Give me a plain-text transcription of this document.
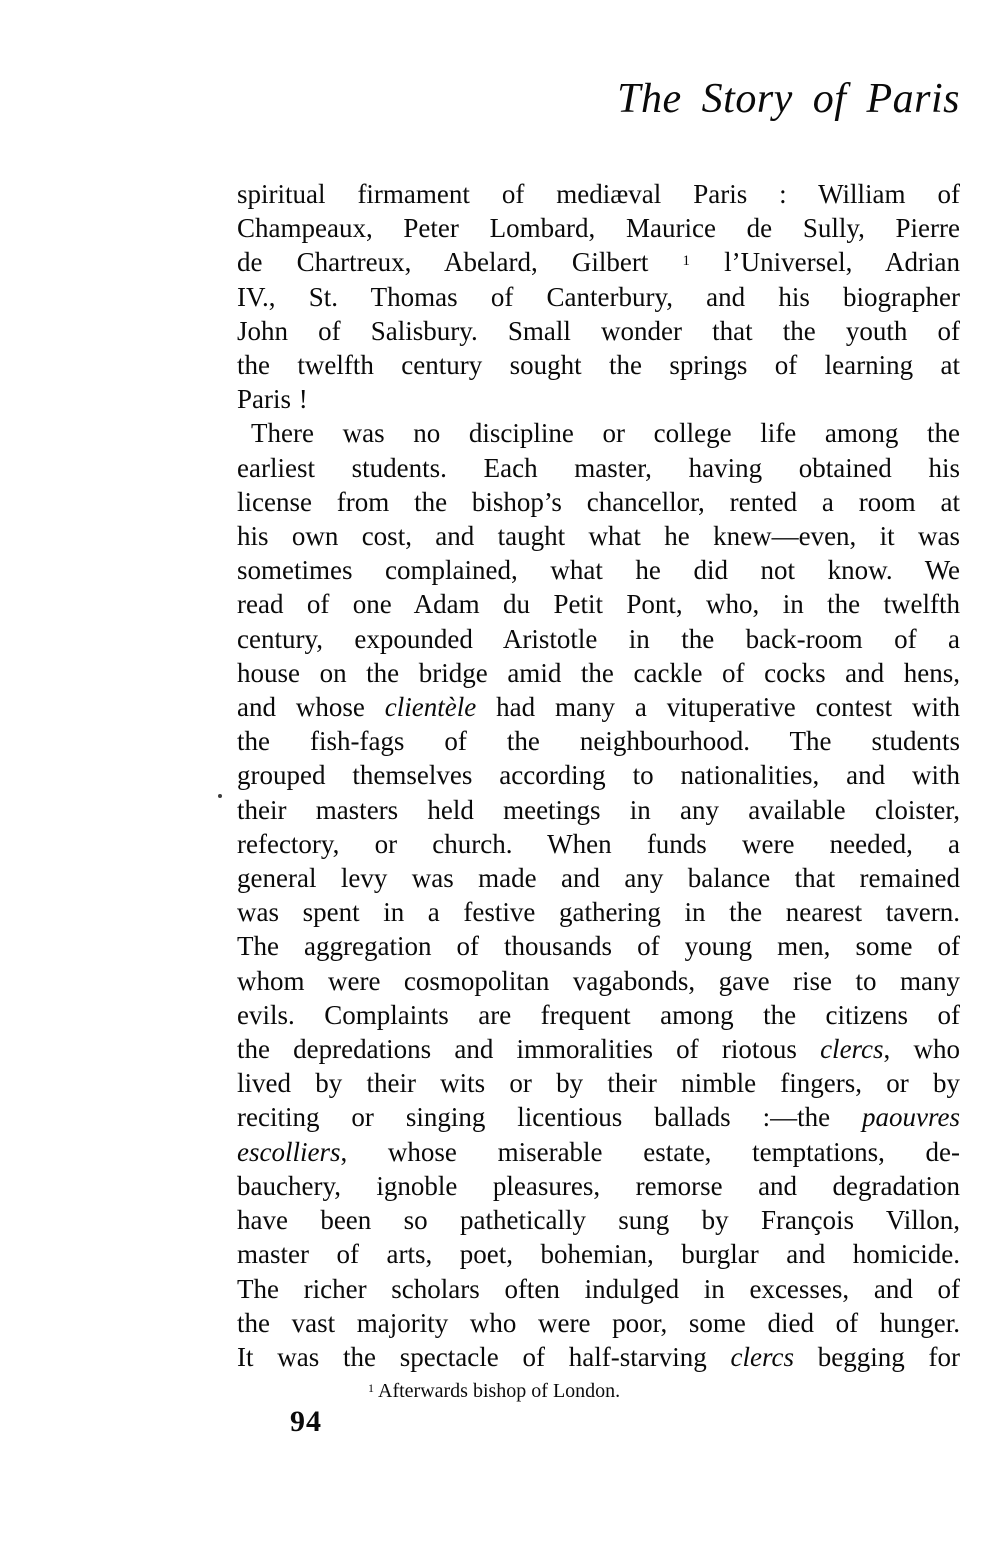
The Story of Paris
spiritual firmament of mediæval Paris : William of
Champeaux, Peter Lombard, Maurice de Sully, Pierre
de Chartreux, Abelard, Gilbert $^1$ l’Universel, Adrian
IV., St. Thomas of Canterbury, and his biographer
John of Salisbury. Small wonder that the youth of
the twelfth century sought the springs of learning at
Paris !
There was no discipline or college life among the
earliest students. Each master, having obtained his
license from the bishop’s chancellor, rented a room at
his own cost, and taught what he knew—even, it was
sometimes complained, what he did not know. We
read of one Adam du Petit Pont, who, in the twelfth
century, expounded Aristotle in the back-room of a
house on the bridge amid the cackle of cocks and hens,
and whose clientèle had many a vituperative contest with
the fish-fags of the neighbourhood. The students
grouped themselves according to nationalities, and with
their masters held meetings in any available cloister,
refectory, or church. When funds were needed, a
general levy was made and any balance that remained
was spent in a festive gathering in the nearest tavern.
The aggregation of thousands of young men, some of
whom were cosmopolitan vagabonds, gave rise to many
evils. Complaints are frequent among the citizens of
the depredations and immoralities of riotous clercs, who
lived by their wits or by their nimble fingers, or by
reciting or singing licentious ballads :—the paouvres
escolliers, whose miserable estate, temptations, de-
bauchery, ignoble pleasures, remorse and degradation
have been so pathetically sung by François Villon,
master of arts, poet, bohemian, burglar and homicide.
The richer scholars often indulged in excesses, and of
the vast majority who were poor, some died of hunger.
It was the spectacle of half-starving clercs begging for
$^1$ Afterwards bishop of London.
94
